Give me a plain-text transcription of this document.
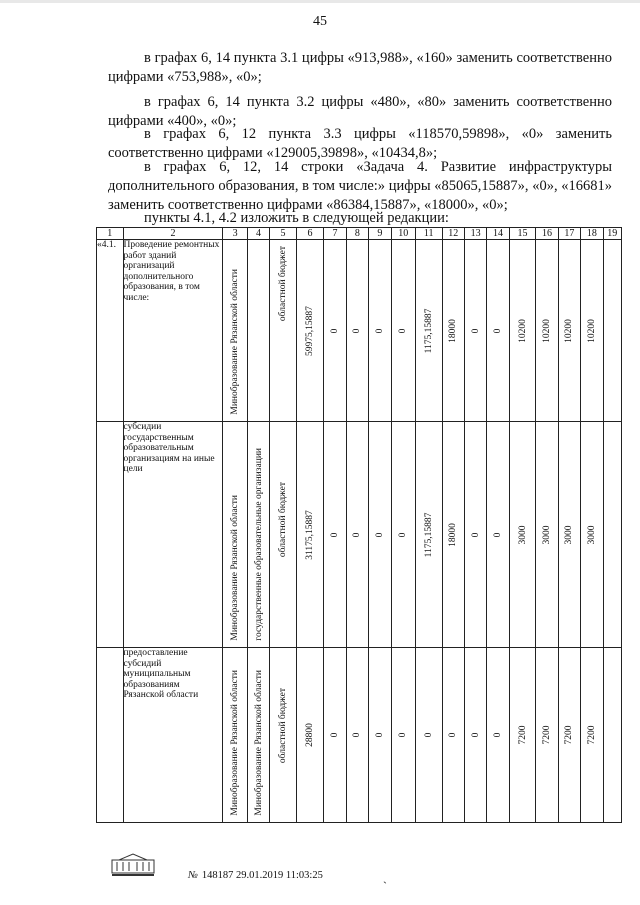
45
в графах 6, 14 пункта 3.1 цифры «913,988», «160» заменить соответственно цифрами «753,988», «0»;
в графах 6, 14 пункта 3.2 цифры «480», «80» заменить соответственно цифрами «400», «0»;
в графах 6, 12 пункта 3.3 цифры «118570,59898», «0» заменить соответственно цифрами «129005,39898», «10434,8»;
в графах 6, 12, 14 строки «Задача 4. Развитие инфраструктуры дополнительного образования, в том числе:» цифры «85065,15887», «0», «16681» заменить соответственно цифрами «86384,15887», «18000», «0»;
пункты 4.1, 4.2 изложить в следующей редакции:
1	2	3	4	5	6	7	8	9	10	11	12	13	14	15	16	17	18	19
«4.1.	Проведение ремонтных работ зданий организаций дополнительного образования, в том числе:	Минобразование Рязанской области		областной бюджет	59975,15887	0	0	0	0	1175,15887	18000	0	0	10200	10200	10200	10200	

	субсидии государственным образовательным организациям на иные цели	Минобразование Рязанской области	государственные образовательные организации	областной бюджет	31175,15887	0	0	0	0	1175,15887	18000	0	0	3000	3000	3000	3000	

	предоставление субсидий муниципальным образованиям Рязанской области	Минобразование Рязанской области	Минобразование Рязанской области	областной бюджет	28800	0	0	0	0	0	0	0	0	7200	7200	7200	7200	

№ 148187 29.01.2019 11:03:25
`
